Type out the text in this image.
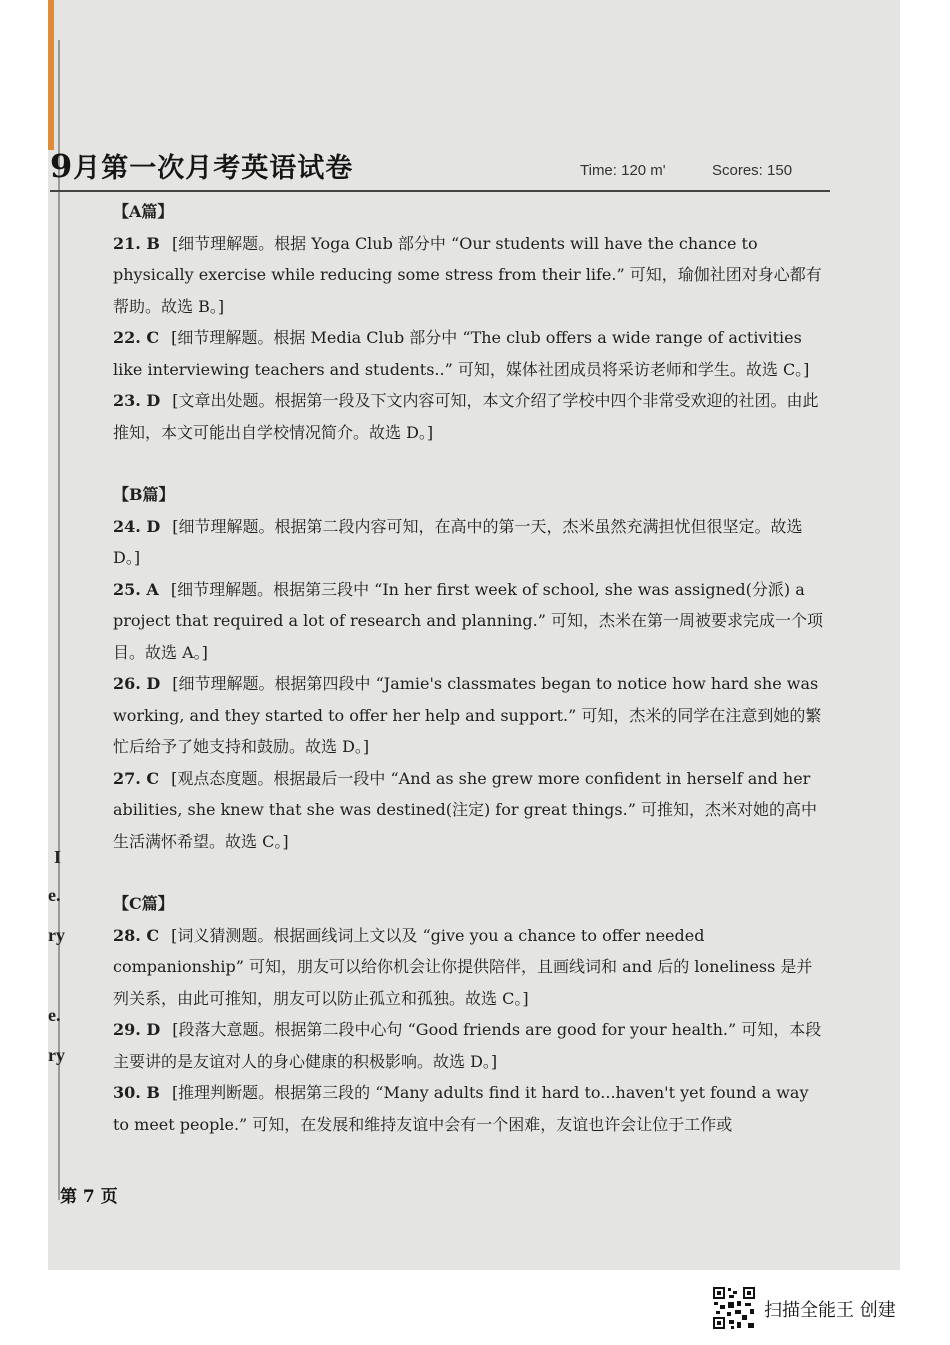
9月第一次月考英语试卷	Time: 120 m'	Scores: 150

【A篇】

21. B [细节理解题。根据 Yoga Club 部分中 “Our students will have the chance to physically exercise while reducing some stress from their life.” 可知，瑜伽社团对身心都有帮助。故选 B。]

22. C [细节理解题。根据 Media Club 部分中 “The club offers a wide range of activities like interviewing teachers and students..” 可知，媒体社团成员将采访老师和学生。故选 C。]

23. D [文章出处题。根据第一段及下文内容可知，本文介绍了学校中四个非常受欢迎的社团。由此推知，本文可能出自学校情况简介。故选 D。]

【B篇】

24. D [细节理解题。根据第二段内容可知，在高中的第一天，杰米虽然充满担忧但很坚定。故选 D。]

25. A [细节理解题。根据第三段中 “In her first week of school, she was assigned(分派) a project that required a lot of research and planning.” 可知，杰米在第一周被要求完成一个项目。故选 A。]

26. D [细节理解题。根据第四段中 “Jamie's classmates began to notice how hard she was working, and they started to offer her help and support.” 可知，杰米的同学在注意到她的繁忙后给予了她支持和鼓励。故选 D。]

27. C [观点态度题。根据最后一段中 “And as she grew more confident in herself and her abilities, she knew that she was destined(注定) for great things.” 可推知，杰米对她的高中生活满怀希望。故选 C。]

【C篇】

28. C [词义猜测题。根据画线词上文以及 “give you a chance to offer needed companionship” 可知，朋友可以给你机会让你提供陪伴，且画线词和 and 后的 loneliness 是并列关系，由此可推知，朋友可以防止孤立和孤独。故选 C。]

29. D [段落大意题。根据第二段中心句 “Good friends are good for your health.” 可知，本段主要讲的是友谊对人的身心健康的积极影响。故选 D。]

30. B [推理判断题。根据第三段的 “Many adults find it hard to...haven't yet found a way to meet people.” 可知，在发展和维持友谊中会有一个困难，友谊也许会让位于工作或

I
e.
ry
e.
ry
第 7 页
扫描全能王 创建
